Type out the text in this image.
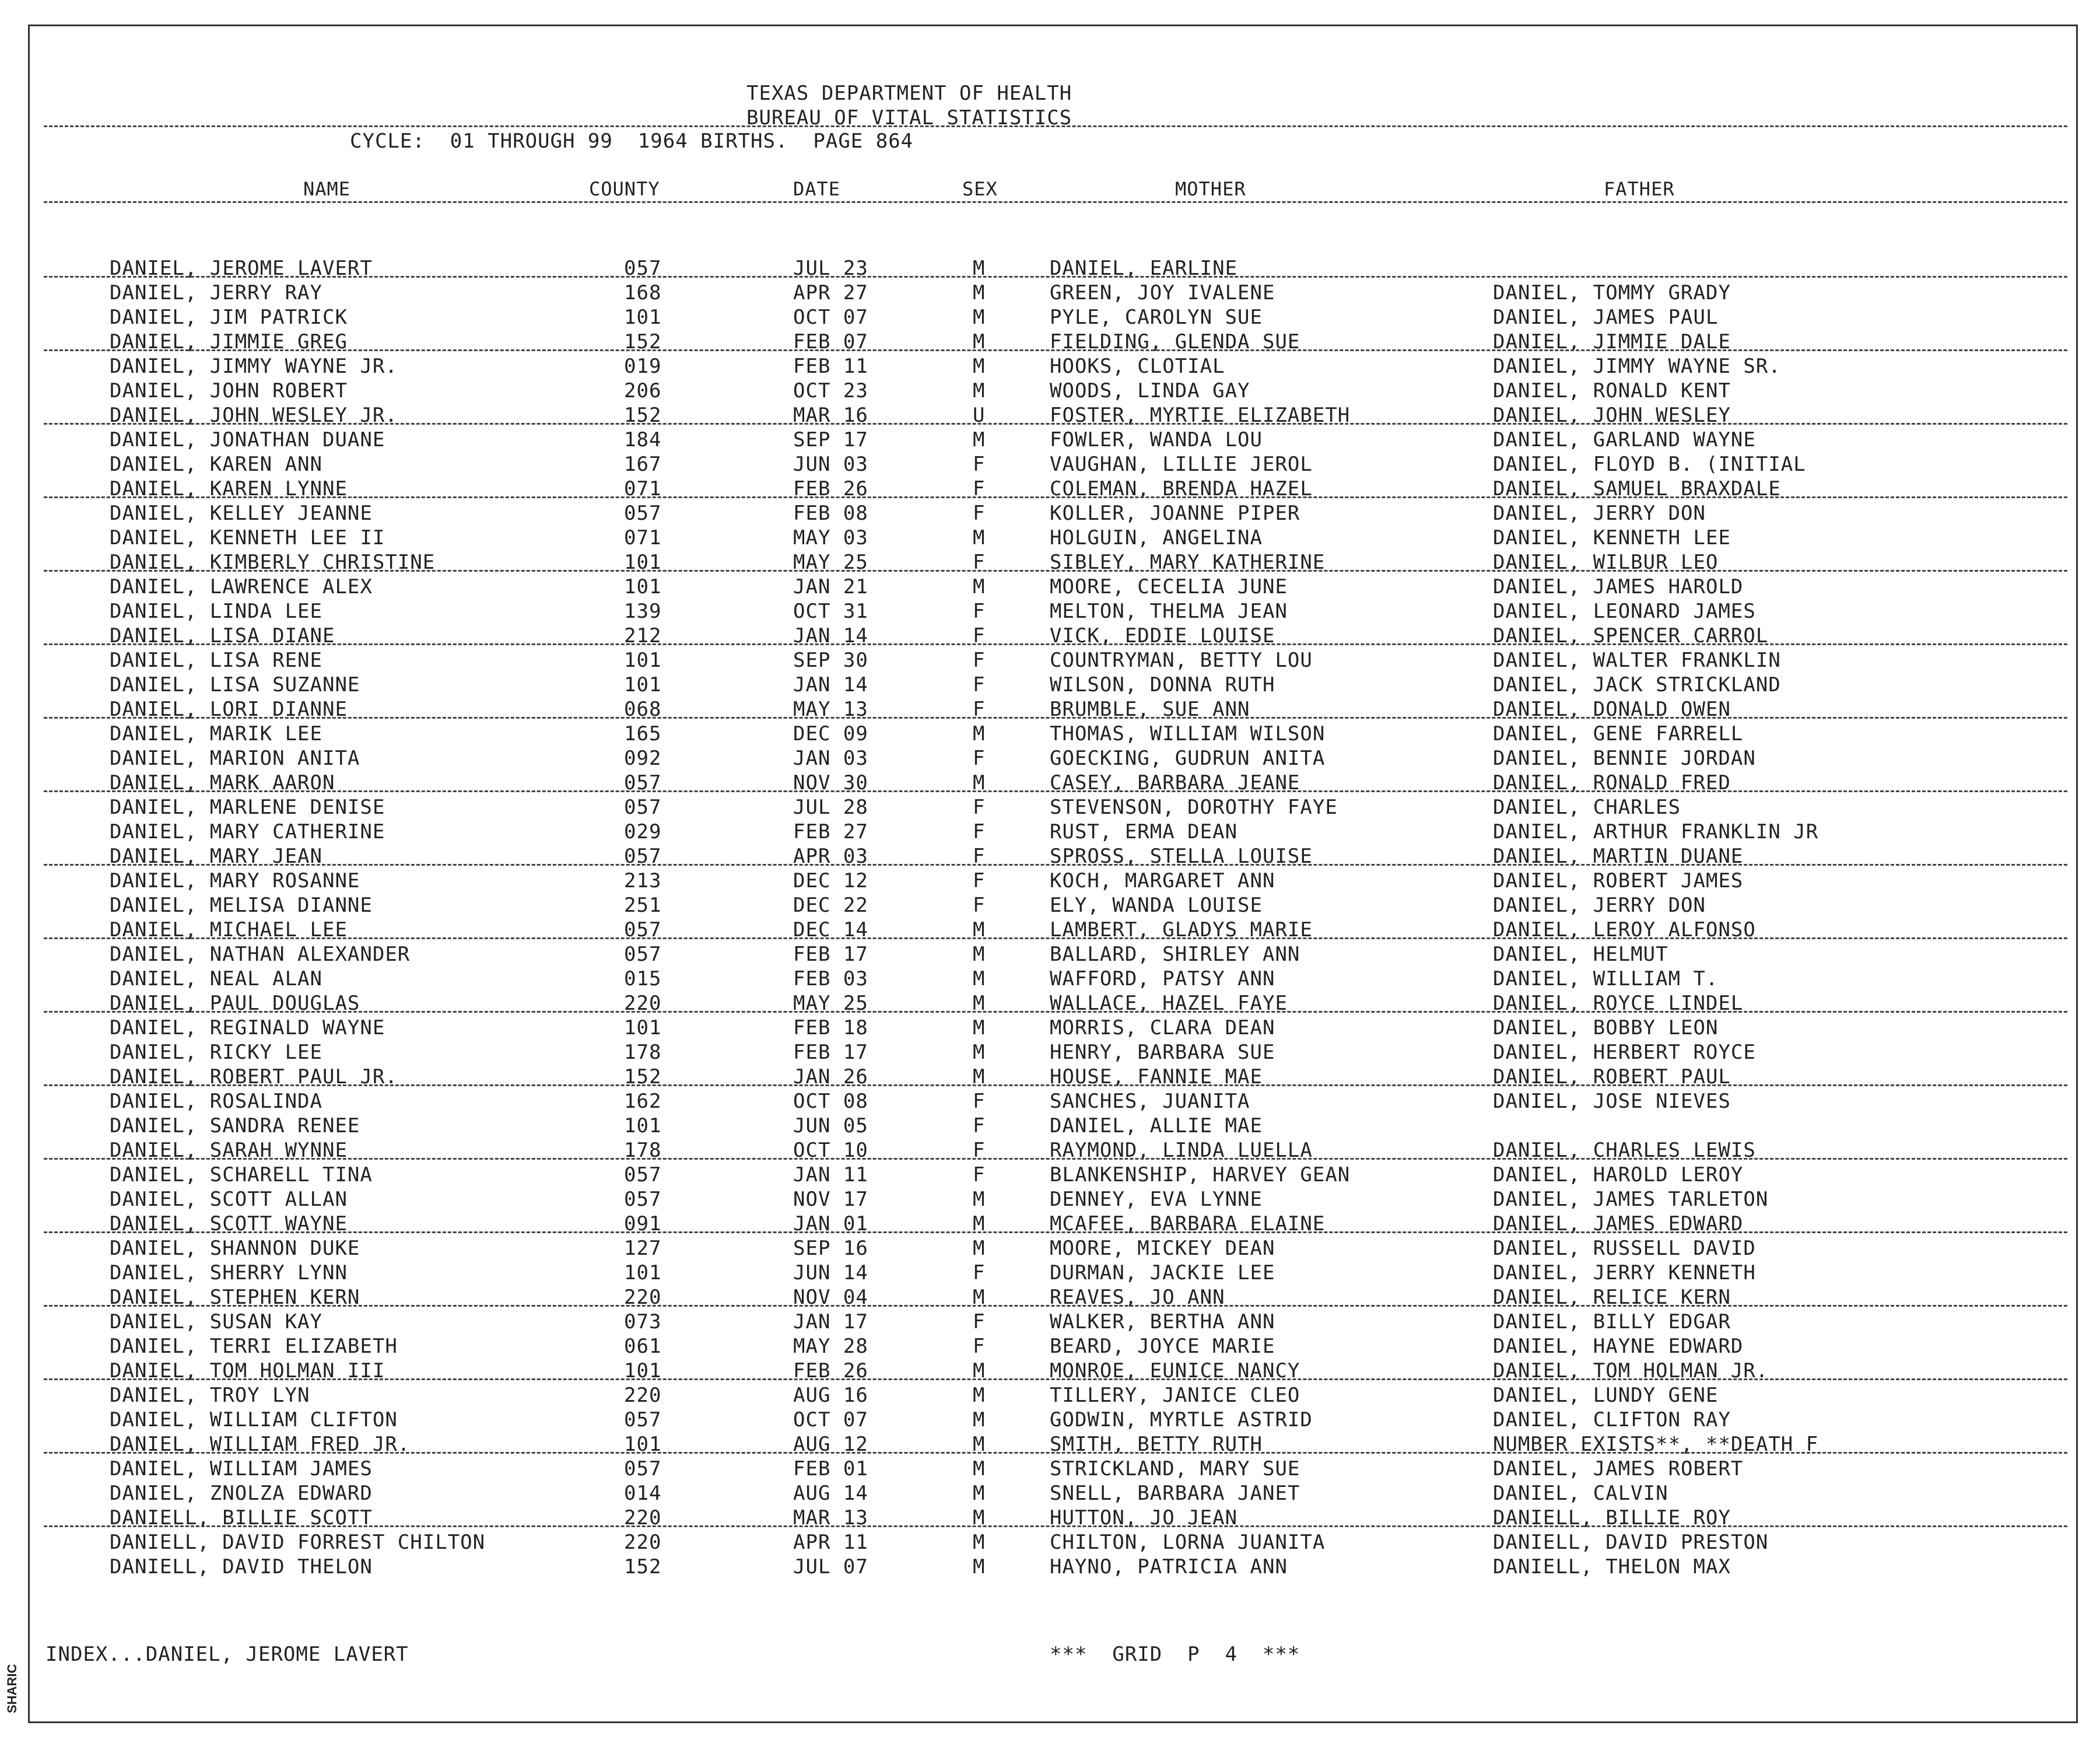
SHARIC
TEXAS DEPARTMENT OF HEALTH
BUREAU OF VITAL STATISTICS
CYCLE:  01 THROUGH 99  1964 BIRTHS.  PAGE 864
NAME	COUNTY	DATE	SEX	MOTHER	FATHER
DANIEL, JEROME LAVERT	057	JUL 23	M	DANIEL, EARLINE
DANIEL, JERRY RAY	168	APR 27	M	GREEN, JOY IVALENE	DANIEL, TOMMY GRADY
DANIEL, JIM PATRICK	101	OCT 07	M	PYLE, CAROLYN SUE	DANIEL, JAMES PAUL
DANIEL, JIMMIE GREG	152	FEB 07	M	FIELDING, GLENDA SUE	DANIEL, JIMMIE DALE
DANIEL, JIMMY WAYNE JR.	019	FEB 11	M	HOOKS, CLOTIAL	DANIEL, JIMMY WAYNE SR.
DANIEL, JOHN ROBERT	206	OCT 23	M	WOODS, LINDA GAY	DANIEL, RONALD KENT
DANIEL, JOHN WESLEY JR.	152	MAR 16	U	FOSTER, MYRTIE ELIZABETH	DANIEL, JOHN WESLEY
DANIEL, JONATHAN DUANE	184	SEP 17	M	FOWLER, WANDA LOU	DANIEL, GARLAND WAYNE
DANIEL, KAREN ANN	167	JUN 03	F	VAUGHAN, LILLIE JEROL	DANIEL, FLOYD B. (INITIAL
DANIEL, KAREN LYNNE	071	FEB 26	F	COLEMAN, BRENDA HAZEL	DANIEL, SAMUEL BRAXDALE
DANIEL, KELLEY JEANNE	057	FEB 08	F	KOLLER, JOANNE PIPER	DANIEL, JERRY DON
DANIEL, KENNETH LEE II	071	MAY 03	M	HOLGUIN, ANGELINA	DANIEL, KENNETH LEE
DANIEL, KIMBERLY CHRISTINE	101	MAY 25	F	SIBLEY, MARY KATHERINE	DANIEL, WILBUR LEO
DANIEL, LAWRENCE ALEX	101	JAN 21	M	MOORE, CECELIA JUNE	DANIEL, JAMES HAROLD
DANIEL, LINDA LEE	139	OCT 31	F	MELTON, THELMA JEAN	DANIEL, LEONARD JAMES
DANIEL, LISA DIANE	212	JAN 14	F	VICK, EDDIE LOUISE	DANIEL, SPENCER CARROL
DANIEL, LISA RENE	101	SEP 30	F	COUNTRYMAN, BETTY LOU	DANIEL, WALTER FRANKLIN
DANIEL, LISA SUZANNE	101	JAN 14	F	WILSON, DONNA RUTH	DANIEL, JACK STRICKLAND
DANIEL, LORI DIANNE	068	MAY 13	F	BRUMBLE, SUE ANN	DANIEL, DONALD OWEN
DANIEL, MARIK LEE	165	DEC 09	M	THOMAS, WILLIAM WILSON	DANIEL, GENE FARRELL
DANIEL, MARION ANITA	092	JAN 03	F	GOECKING, GUDRUN ANITA	DANIEL, BENNIE JORDAN
DANIEL, MARK AARON	057	NOV 30	M	CASEY, BARBARA JEANE	DANIEL, RONALD FRED
DANIEL, MARLENE DENISE	057	JUL 28	F	STEVENSON, DOROTHY FAYE	DANIEL, CHARLES
DANIEL, MARY CATHERINE	029	FEB 27	F	RUST, ERMA DEAN	DANIEL, ARTHUR FRANKLIN JR
DANIEL, MARY JEAN	057	APR 03	F	SPROSS, STELLA LOUISE	DANIEL, MARTIN DUANE
DANIEL, MARY ROSANNE	213	DEC 12	F	KOCH, MARGARET ANN	DANIEL, ROBERT JAMES
DANIEL, MELISA DIANNE	251	DEC 22	F	ELY, WANDA LOUISE	DANIEL, JERRY DON
DANIEL, MICHAEL LEE	057	DEC 14	M	LAMBERT, GLADYS MARIE	DANIEL, LEROY ALFONSO
DANIEL, NATHAN ALEXANDER	057	FEB 17	M	BALLARD, SHIRLEY ANN	DANIEL, HELMUT
DANIEL, NEAL ALAN	015	FEB 03	M	WAFFORD, PATSY ANN	DANIEL, WILLIAM T.
DANIEL, PAUL DOUGLAS	220	MAY 25	M	WALLACE, HAZEL FAYE	DANIEL, ROYCE LINDEL
DANIEL, REGINALD WAYNE	101	FEB 18	M	MORRIS, CLARA DEAN	DANIEL, BOBBY LEON
DANIEL, RICKY LEE	178	FEB 17	M	HENRY, BARBARA SUE	DANIEL, HERBERT ROYCE
DANIEL, ROBERT PAUL JR.	152	JAN 26	M	HOUSE, FANNIE MAE	DANIEL, ROBERT PAUL
DANIEL, ROSALINDA	162	OCT 08	F	SANCHES, JUANITA	DANIEL, JOSE NIEVES
DANIEL, SANDRA RENEE	101	JUN 05	F	DANIEL, ALLIE MAE
DANIEL, SARAH WYNNE	178	OCT 10	F	RAYMOND, LINDA LUELLA	DANIEL, CHARLES LEWIS
DANIEL, SCHARELL TINA	057	JAN 11	F	BLANKENSHIP, HARVEY GEAN	DANIEL, HAROLD LEROY
DANIEL, SCOTT ALLAN	057	NOV 17	M	DENNEY, EVA LYNNE	DANIEL, JAMES TARLETON
DANIEL, SCOTT WAYNE	091	JAN 01	M	MCAFEE, BARBARA ELAINE	DANIEL, JAMES EDWARD
DANIEL, SHANNON DUKE	127	SEP 16	M	MOORE, MICKEY DEAN	DANIEL, RUSSELL DAVID
DANIEL, SHERRY LYNN	101	JUN 14	F	DURMAN, JACKIE LEE	DANIEL, JERRY KENNETH
DANIEL, STEPHEN KERN	220	NOV 04	M	REAVES, JO ANN	DANIEL, RELICE KERN
DANIEL, SUSAN KAY	073	JAN 17	F	WALKER, BERTHA ANN	DANIEL, BILLY EDGAR
DANIEL, TERRI ELIZABETH	061	MAY 28	F	BEARD, JOYCE MARIE	DANIEL, HAYNE EDWARD
DANIEL, TOM HOLMAN III	101	FEB 26	M	MONROE, EUNICE NANCY	DANIEL, TOM HOLMAN JR.
DANIEL, TROY LYN	220	AUG 16	M	TILLERY, JANICE CLEO	DANIEL, LUNDY GENE
DANIEL, WILLIAM CLIFTON	057	OCT 07	M	GODWIN, MYRTLE ASTRID	DANIEL, CLIFTON RAY
DANIEL, WILLIAM FRED JR.	101	AUG 12	M	SMITH, BETTY RUTH	NUMBER EXISTS**, **DEATH F
DANIEL, WILLIAM JAMES	057	FEB 01	M	STRICKLAND, MARY SUE	DANIEL, JAMES ROBERT
DANIEL, ZNOLZA EDWARD	014	AUG 14	M	SNELL, BARBARA JANET	DANIEL, CALVIN
DANIELL, BILLIE SCOTT	220	MAR 13	M	HUTTON, JO JEAN	DANIELL, BILLIE ROY
DANIELL, DAVID FORREST CHILTON	220	APR 11	M	CHILTON, LORNA JUANITA	DANIELL, DAVID PRESTON
DANIELL, DAVID THELON	152	JUL 07	M	HAYNO, PATRICIA ANN	DANIELL, THELON MAX
INDEX...DANIEL, JEROME LAVERT	***  GRID  P  4  ***
